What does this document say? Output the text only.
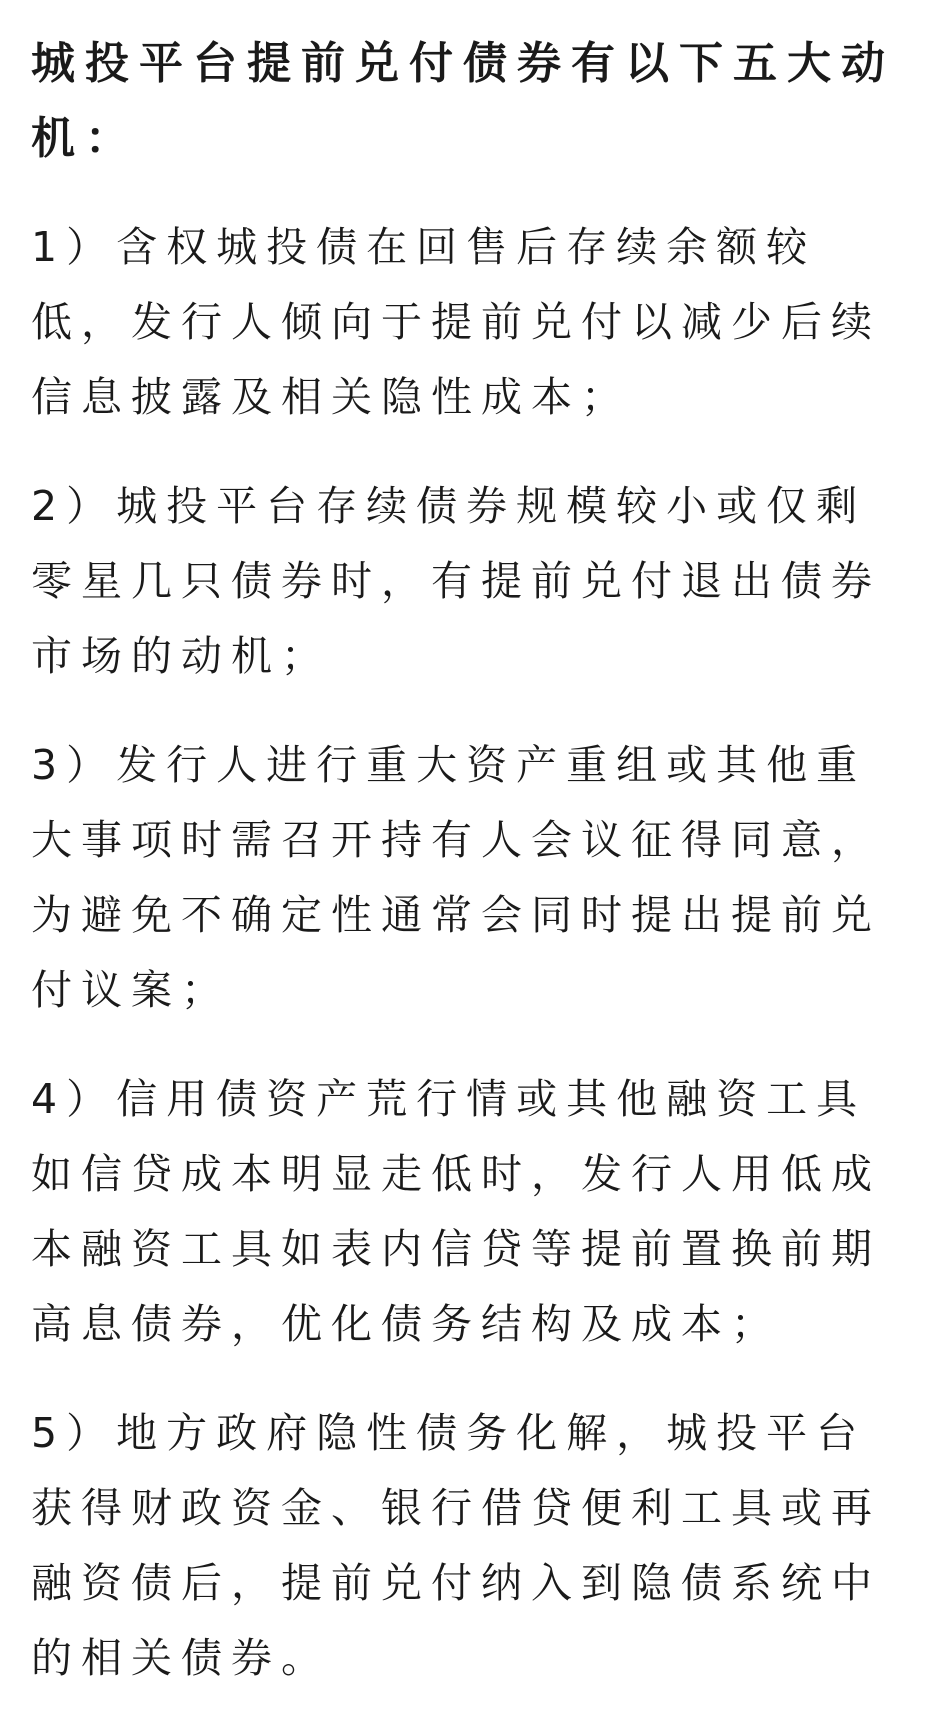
城投平台提前兑付债券有以下五大动机：

1）含权城投债在回售后存续余额较低，发行人倾向于提前兑付以减少后续信息披露及相关隐性成本；

2）城投平台存续债券规模较小或仅剩零星几只债券时，有提前兑付退出债券市场的动机；

3）发行人进行重大资产重组或其他重大事项时需召开持有人会议征得同意，为避免不确定性通常会同时提出提前兑付议案；

4）信用债资产荒行情或其他融资工具如信贷成本明显走低时，发行人用低成本融资工具如表内信贷等提前置换前期高息债券，优化债务结构及成本；

5）地方政府隐性债务化解，城投平台获得财政资金、银行借贷便利工具或再融资债后，提前兑付纳入到隐债系统中的相关债券。
